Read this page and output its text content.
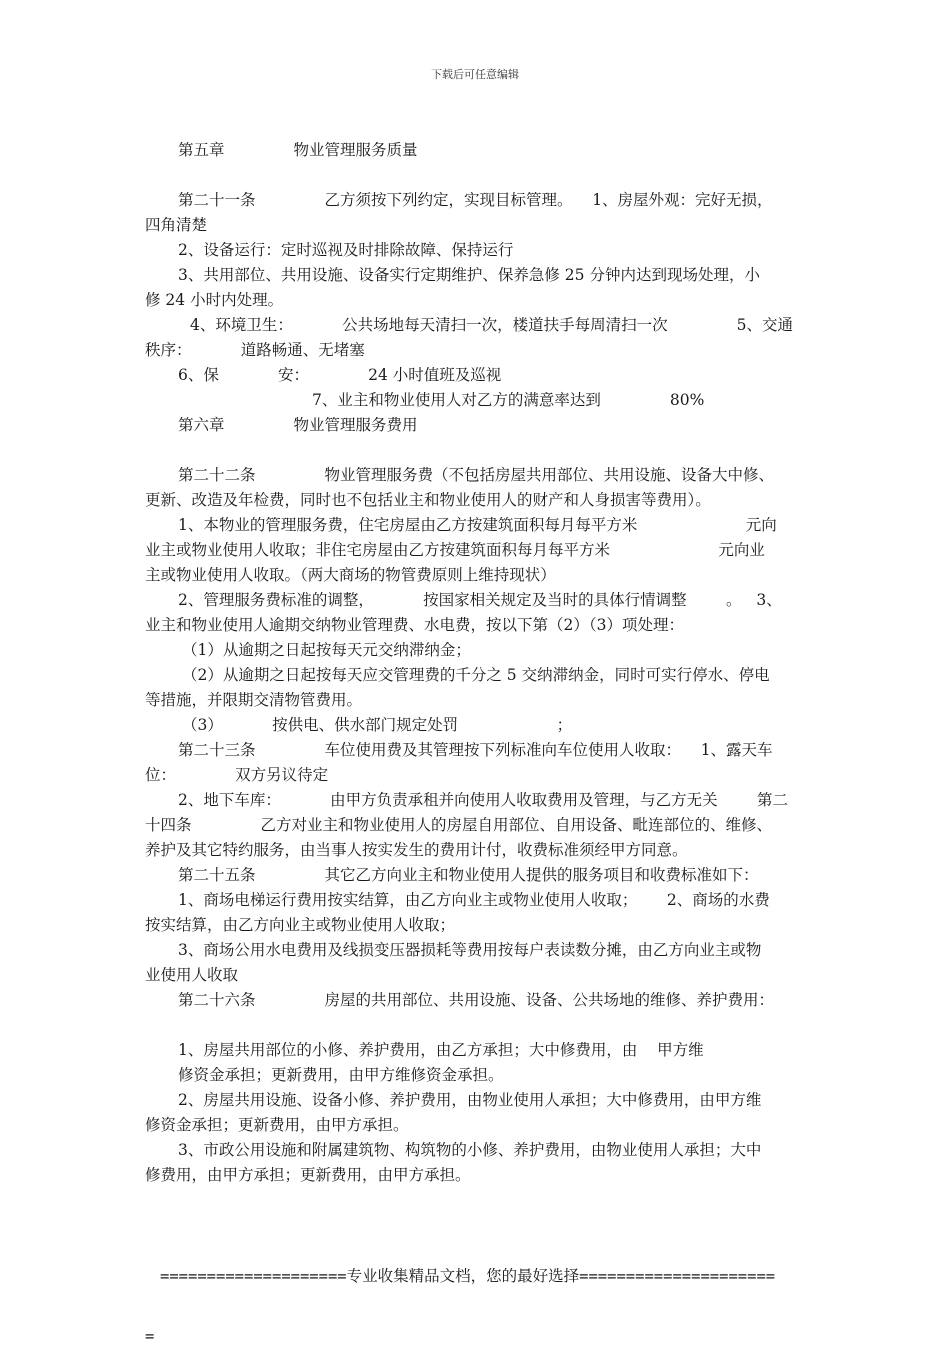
下载后可任意编辑
第五章              物业管理服务质量
第二十一条              乙方须按下列约定，实现目标管理。    1、房屋外观：完好无损，
四角清楚
2、设备运行：定时巡视及时排除故障、保持运行
3、共用部位、共用设施、设备实行定期维护、保养急修 25 分钟内达到现场处理，小
修 24 小时内处理。
4、环境卫生：          公共场地每天清扫一次，楼道扶手每周清扫一次              5、交通
秩序：          道路畅通、无堵塞
6、保            安：            24 小时值班及巡视
7、业主和物业使用人对乙方的满意率达到              80%
第六章              物业管理服务费用
第二十二条              物业管理服务费（不包括房屋共用部位、共用设施、设备大中修、
更新、改造及年检费，同时也不包括业主和物业使用人的财产和人身损害等费用）。
1、本物业的管理服务费，住宅房屋由乙方按建筑面积每月每平方米                      元向
业主或物业使用人收取；非住宅房屋由乙方按建筑面积每月每平方米                      元向业
主或物业使用人收取。（两大商场的物管费原则上维持现状）
2、管理服务费标准的调整，          按国家相关规定及当时的具体行情调整        。   3、
业主和物业使用人逾期交纳物业管理费、水电费，按以下第（2）（3）项处理：
（1）从逾期之日起按每天元交纳滞纳金；
（2）从逾期之日起按每天应交管理费的千分之 5 交纳滞纳金，同时可实行停水、停电
等措施，并限期交清物管费用。
（3）          按供电、供水部门规定处罚                    ；
第二十三条              车位使用费及其管理按下列标准向车位使用人收取：    1、露天车
位：            双方另议待定
2、地下车库：          由甲方负责承租并向使用人收取费用及管理，与乙方无关        第二
十四条              乙方对业主和物业使用人的房屋自用部位、自用设备、毗连部位的、维修、
养护及其它特约服务，由当事人按实发生的费用计付，收费标准须经甲方同意。
第二十五条              其它乙方向业主和物业使用人提供的服务项目和收费标准如下：
1、商场电梯运行费用按实结算，由乙方向业主或物业使用人收取；      2、商场的水费
按实结算，由乙方向业主或物业使用人收取；
3、商场公用水电费用及线损变压器损耗等费用按每户表读数分摊，由乙方向业主或物
业使用人收取
第二十六条              房屋的共用部位、共用设施、设备、公共场地的维修、养护费用：
1、房屋共用部位的小修、养护费用，由乙方承担；大中修费用，由    甲方维
修资金承担；更新费用，由甲方维修资金承担。
2、房屋共用设施、设备小修、养护费用，由物业使用人承担；大中修费用，由甲方维
修资金承担；更新费用，由甲方承担。
3、市政公用设施和附属建筑物、构筑物的小修、养护费用，由物业使用人承担；大中
修费用，由甲方承担；更新费用，由甲方承担。

====================专业收集精品文档，您的最好选择=====================

=
